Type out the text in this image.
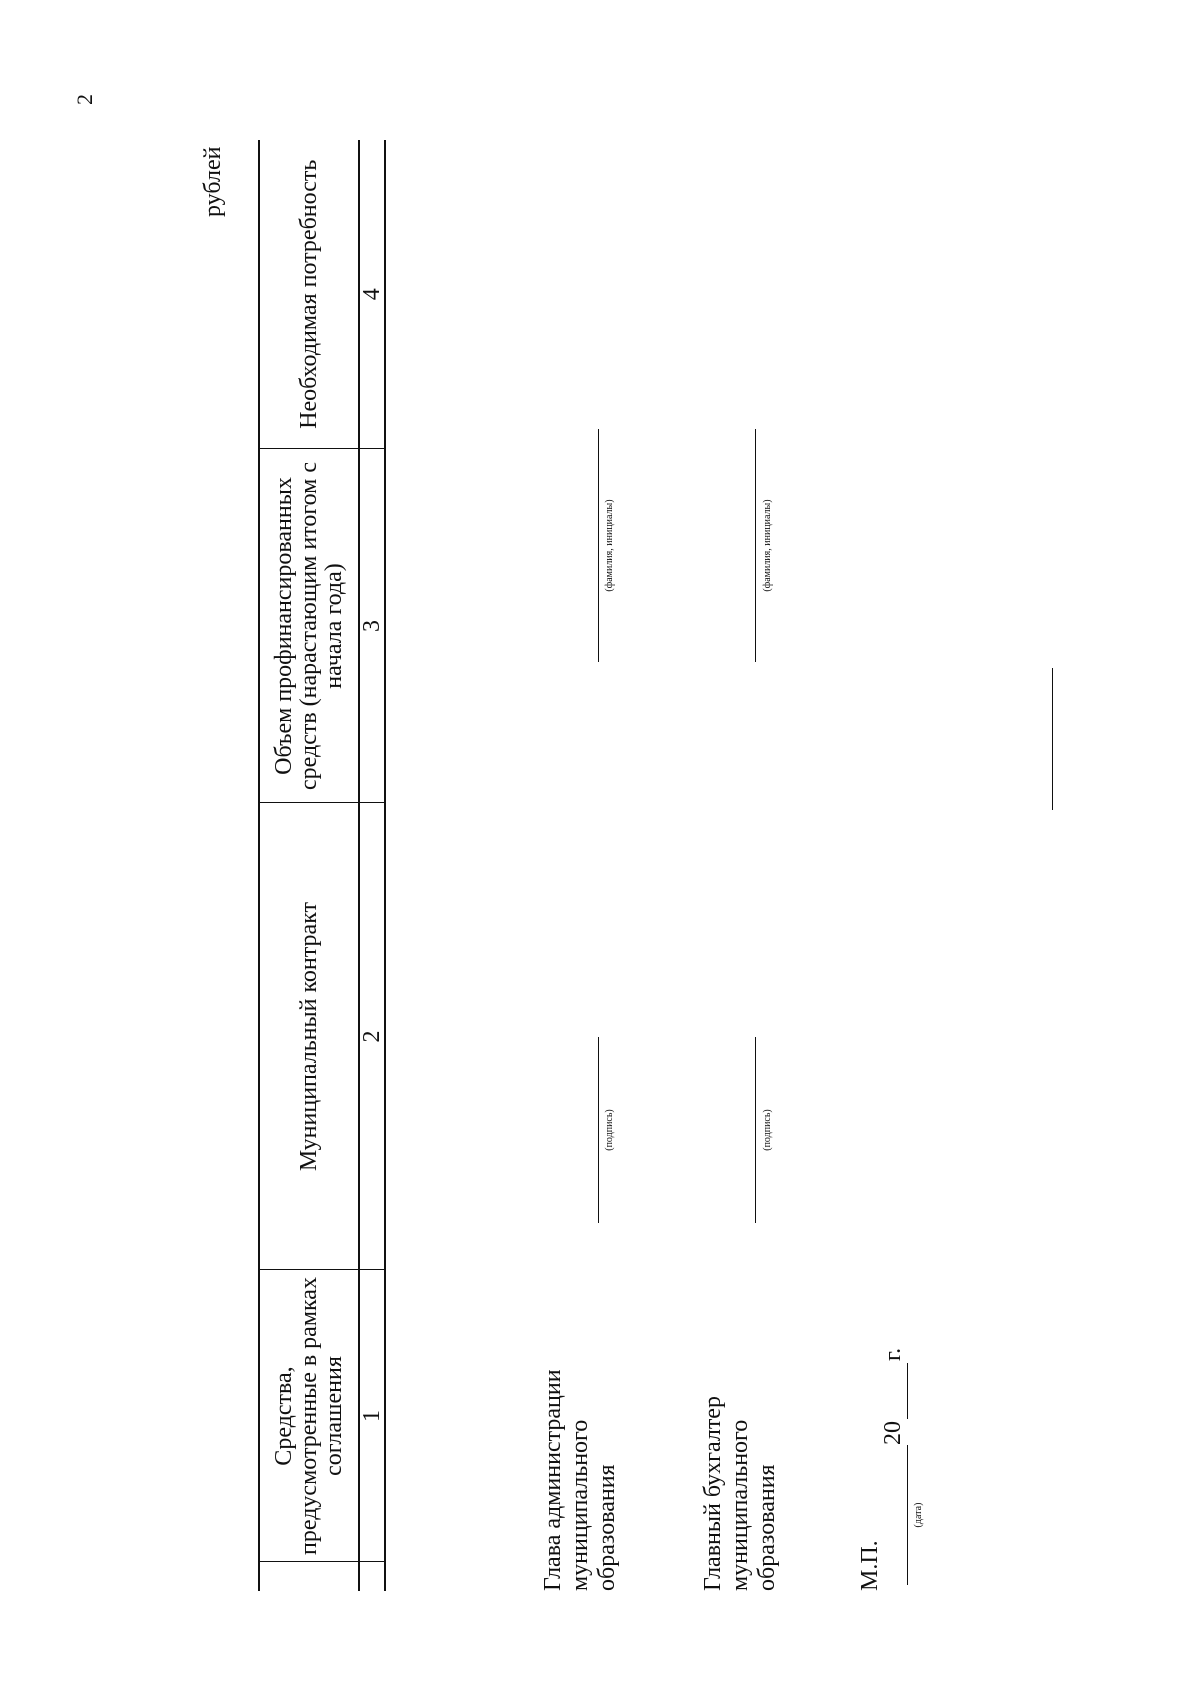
2
рублей
	Средства, предусмотренные в рамках соглашения	Муниципальный контракт	Объем профинансированных средств (нарастающим итогом с начала года)	Необходимая потребность
	1	2	3	4
Глава администрации муниципального образования
(подпись)
(фамилия, инициалы)
Главный бухгалтер муниципального образования
(подпись)
(фамилия, инициалы)
М.П.
(дата)
20
г.
